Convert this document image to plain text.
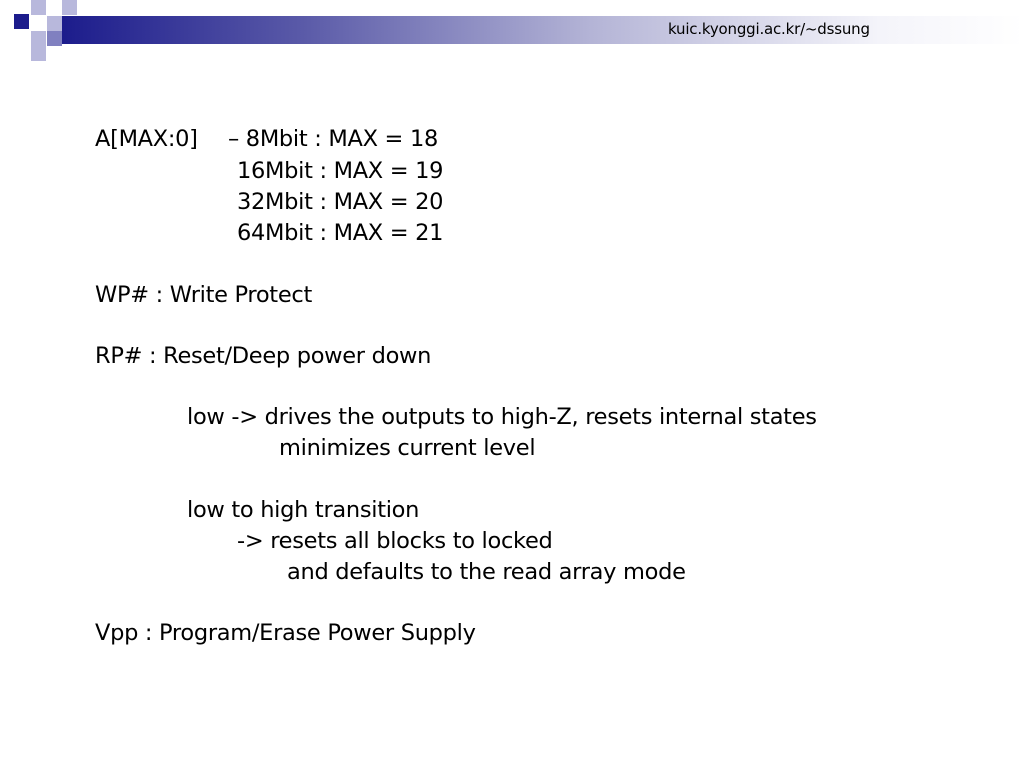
kuic.kyonggi.ac.kr/~dssung
A[MAX:0] – 8Mbit : MAX = 18
16Mbit : MAX = 19
32Mbit : MAX = 20
64Mbit : MAX = 21
WP# : Write Protect
RP# : Reset/Deep power down
low -> drives the outputs to high-Z, resets internal states
minimizes current level
low to high transition
-> resets all blocks to locked
and defaults to the read array mode
Vpp : Program/Erase Power Supply
